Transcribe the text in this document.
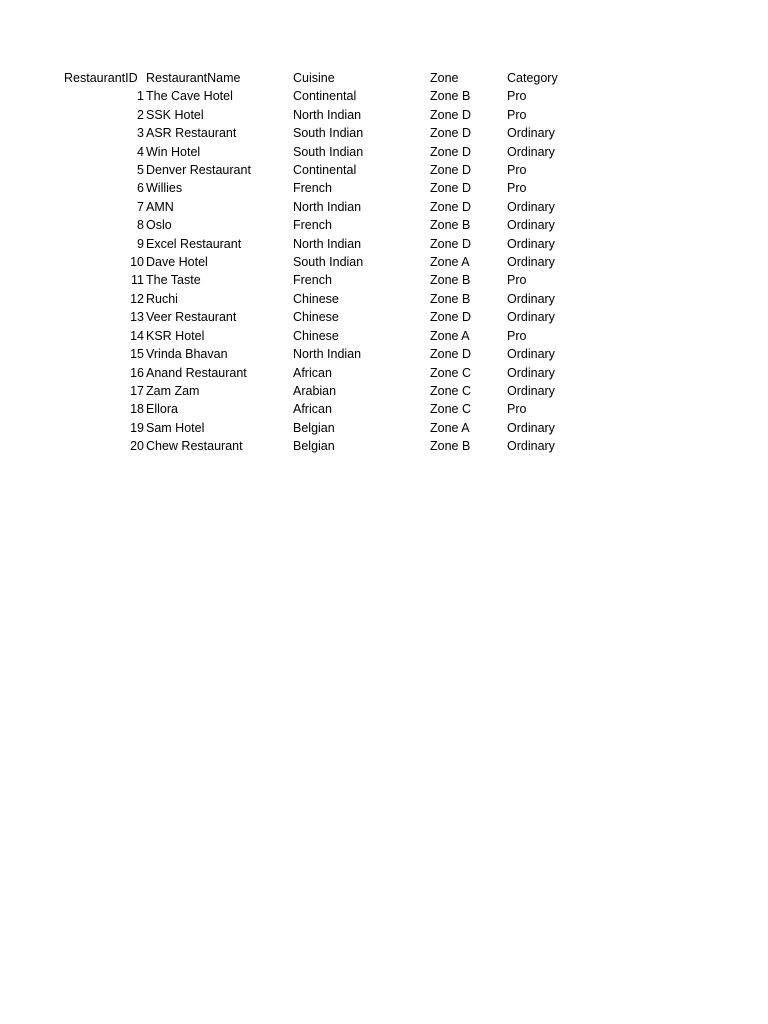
RestaurantID	RestaurantName	Cuisine	Zone	Category
1	The Cave Hotel	Continental	Zone B	Pro
2	SSK Hotel	North Indian	Zone D	Pro
3	ASR Restaurant	South Indian	Zone D	Ordinary
4	Win Hotel	South Indian	Zone D	Ordinary
5	Denver Restaurant	Continental	Zone D	Pro
6	Willies	French	Zone D	Pro
7	AMN	North Indian	Zone D	Ordinary
8	Oslo	French	Zone B	Ordinary
9	Excel Restaurant	North Indian	Zone D	Ordinary
10	Dave Hotel	South Indian	Zone A	Ordinary
11	The Taste	French	Zone B	Pro
12	Ruchi	Chinese	Zone B	Ordinary
13	Veer Restaurant	Chinese	Zone D	Ordinary
14	KSR Hotel	Chinese	Zone A	Pro
15	Vrinda Bhavan	North Indian	Zone D	Ordinary
16	Anand Restaurant	African	Zone C	Ordinary
17	Zam Zam	Arabian	Zone C	Ordinary
18	Ellora	African	Zone C	Pro
19	Sam Hotel	Belgian	Zone A	Ordinary
20	Chew Restaurant	Belgian	Zone B	Ordinary
